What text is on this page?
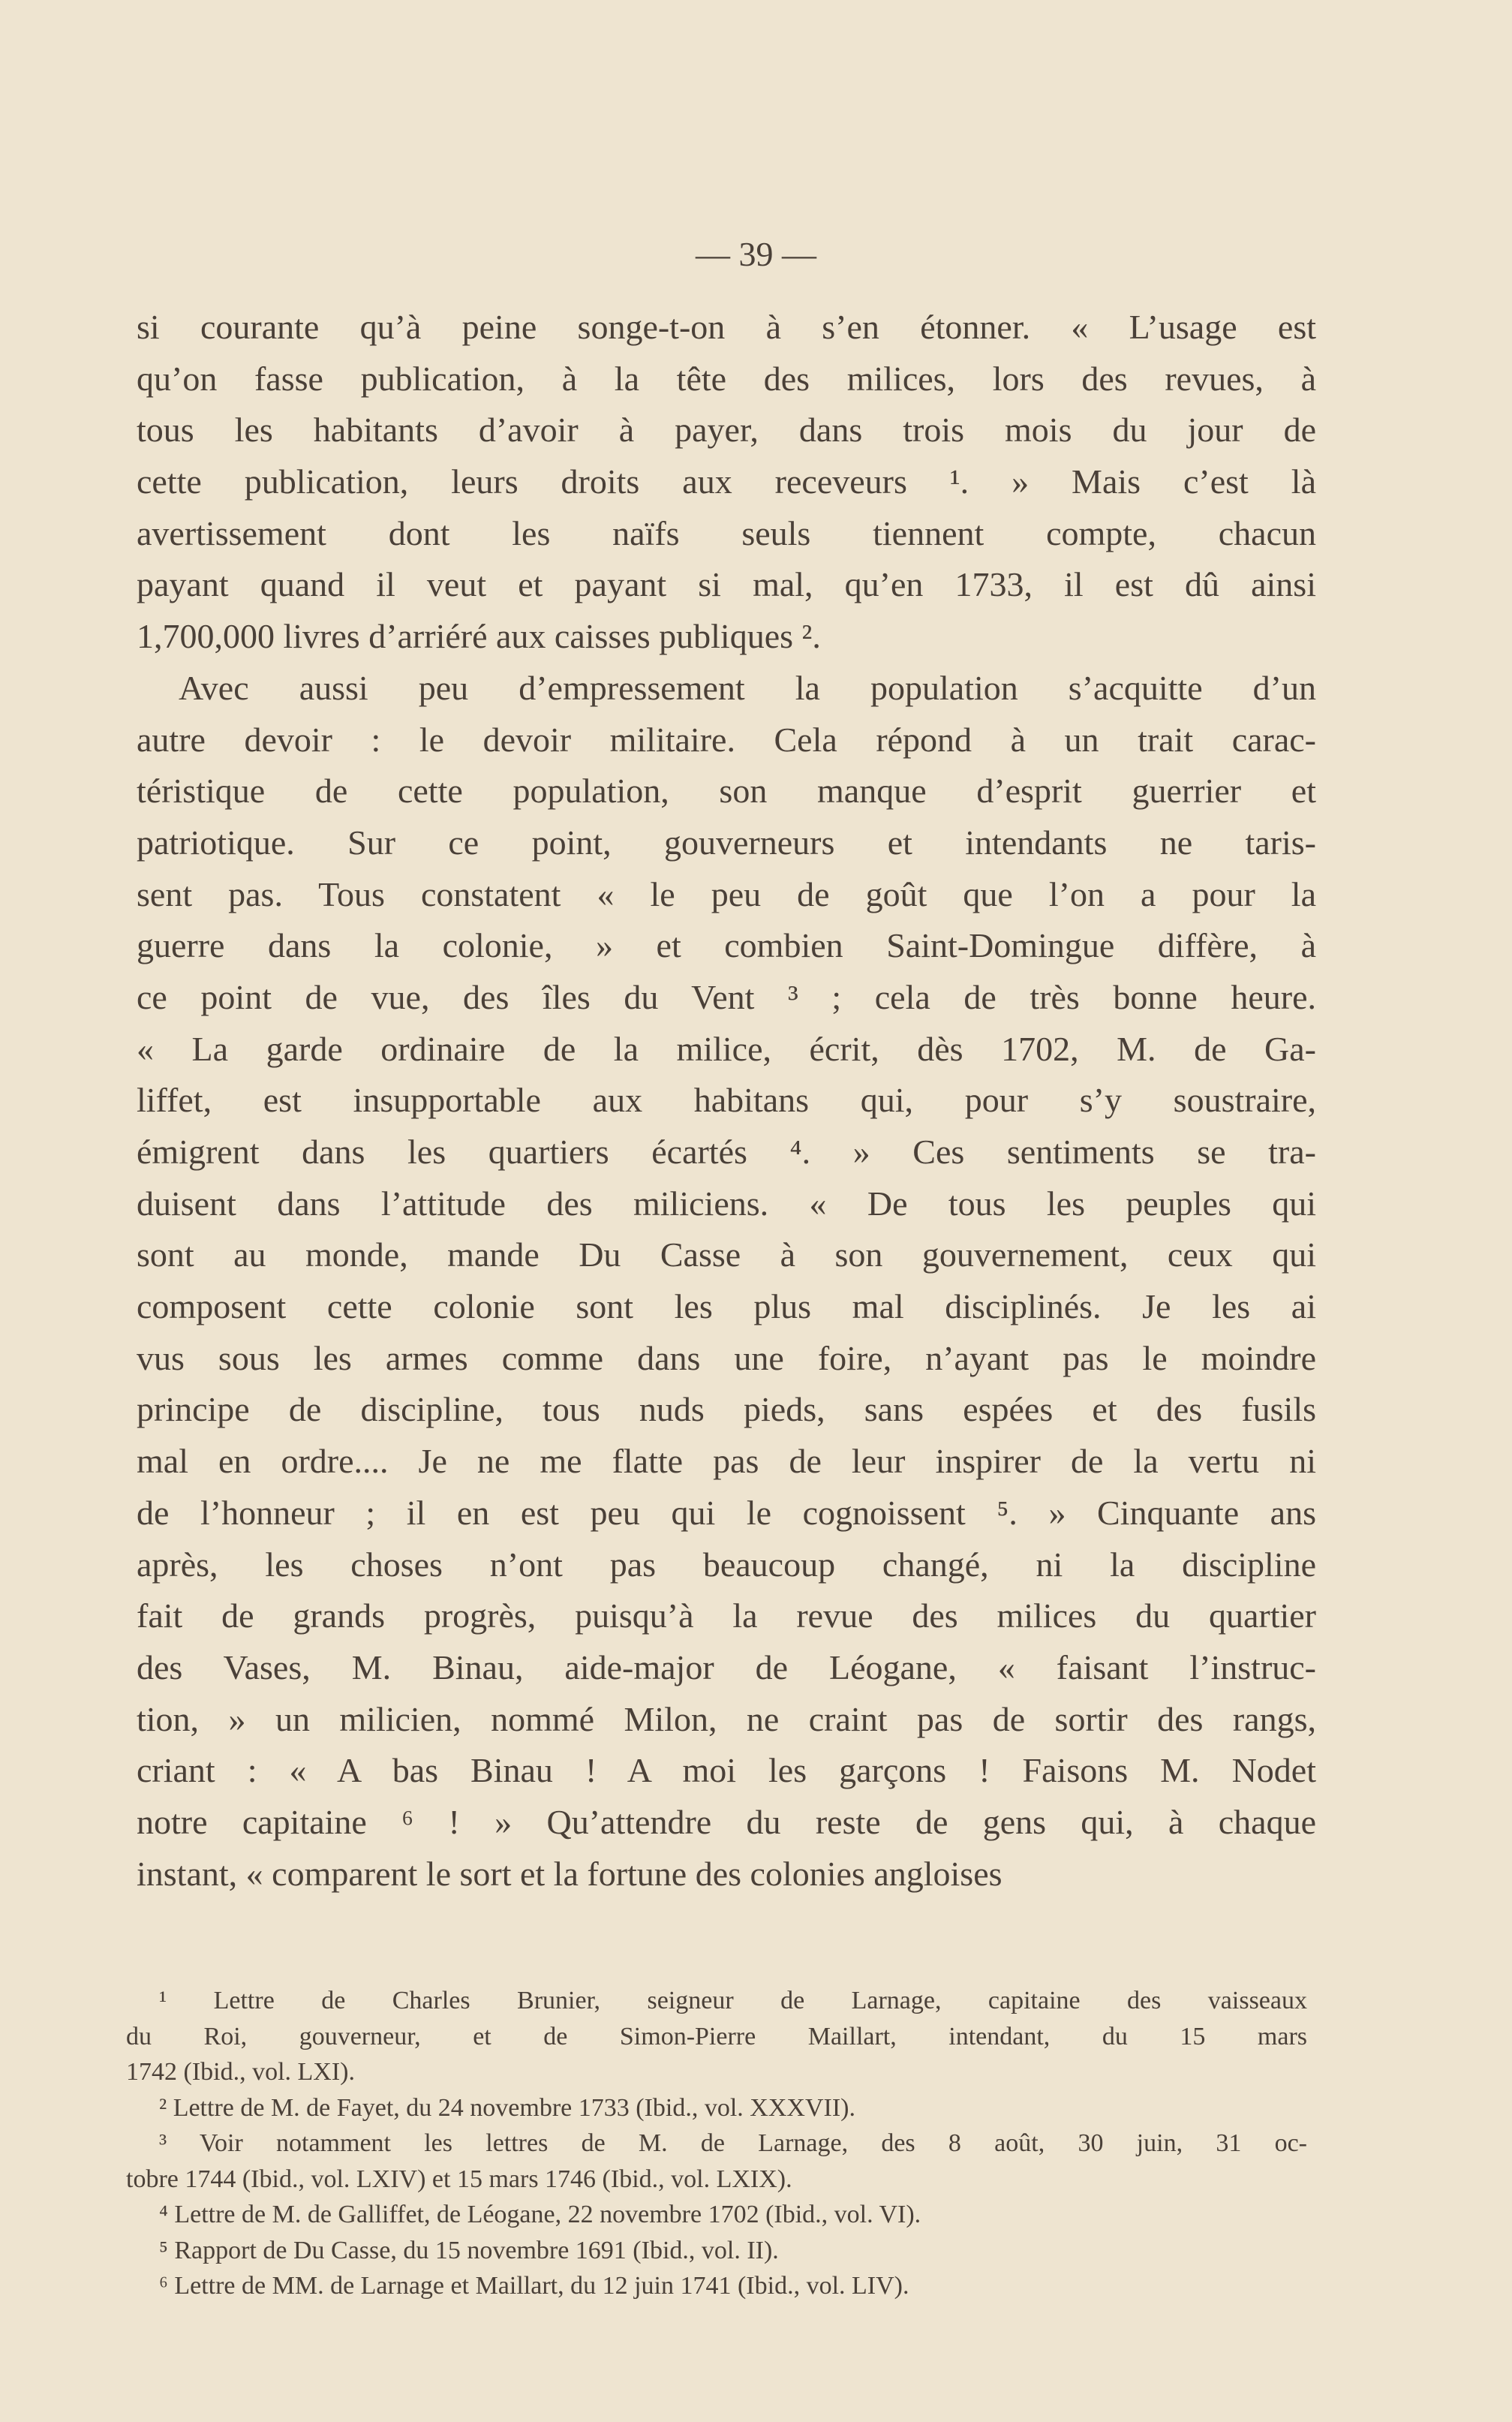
— 39 —
si courante qu’à peine songe-t-on à s’en étonner. « L’usage est
qu’on fasse publication, à la tête des milices, lors des revues, à
tous les habitants d’avoir à payer, dans trois mois du jour de
cette publication, leurs droits aux receveurs ¹. » Mais c’est là
avertissement dont les naïfs seuls tiennent compte, chacun
payant quand il veut et payant si mal, qu’en 1733, il est dû ainsi
1,700,000 livres d’arriéré aux caisses publiques ².
Avec aussi peu d’empressement la population s’acquitte d’un
autre devoir : le devoir militaire. Cela répond à un trait carac-
téristique de cette population, son manque d’esprit guerrier et
patriotique. Sur ce point, gouverneurs et intendants ne taris-
sent pas. Tous constatent « le peu de goût que l’on a pour la
guerre dans la colonie, » et combien Saint-Domingue diffère, à
ce point de vue, des îles du Vent ³ ; cela de très bonne heure.
« La garde ordinaire de la milice, écrit, dès 1702, M. de Ga-
liffet, est insupportable aux habitans qui, pour s’y soustraire,
émigrent dans les quartiers écartés ⁴. » Ces sentiments se tra-
duisent dans l’attitude des miliciens. « De tous les peuples qui
sont au monde, mande Du Casse à son gouvernement, ceux qui
composent cette colonie sont les plus mal disciplinés. Je les ai
vus sous les armes comme dans une foire, n’ayant pas le moindre
principe de discipline, tous nuds pieds, sans espées et des fusils
mal en ordre.... Je ne me flatte pas de leur inspirer de la vertu ni
de l’honneur ; il en est peu qui le cognoissent ⁵. » Cinquante ans
après, les choses n’ont pas beaucoup changé, ni la discipline
fait de grands progrès, puisqu’à la revue des milices du quartier
des Vases, M. Binau, aide-major de Léogane, « faisant l’instruc-
tion, » un milicien, nommé Milon, ne craint pas de sortir des rangs,
criant : « A bas Binau ! A moi les garçons ! Faisons M. Nodet
notre capitaine ⁶ ! » Qu’attendre du reste de gens qui, à chaque
instant, « comparent le sort et la fortune des colonies angloises
¹ Lettre de Charles Brunier, seigneur de Larnage, capitaine des vaisseaux
du Roi, gouverneur, et de Simon-Pierre Maillart, intendant, du 15 mars
1742 (Ibid., vol. LXI).
² Lettre de M. de Fayet, du 24 novembre 1733 (Ibid., vol. XXXVII).
³ Voir notamment les lettres de M. de Larnage, des 8 août, 30 juin, 31 oc-
tobre 1744 (Ibid., vol. LXIV) et 15 mars 1746 (Ibid., vol. LXIX).
⁴ Lettre de M. de Galliffet, de Léogane, 22 novembre 1702 (Ibid., vol. VI).
⁵ Rapport de Du Casse, du 15 novembre 1691 (Ibid., vol. II).
⁶ Lettre de MM. de Larnage et Maillart, du 12 juin 1741 (Ibid., vol. LIV).
